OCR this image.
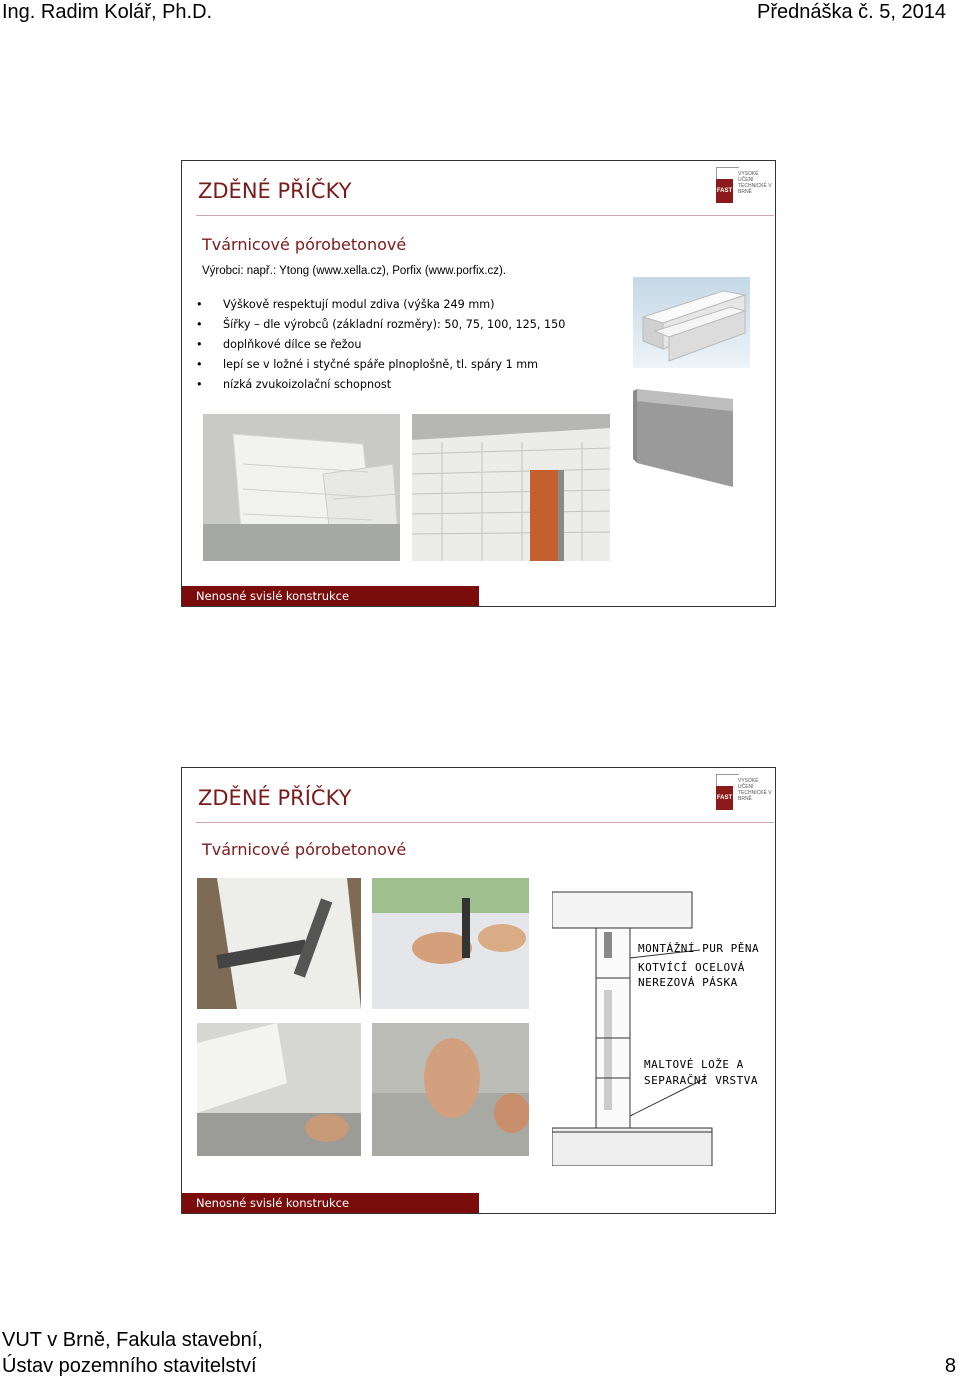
Ing. Radim Kolář, Ph.D.	Přednáška č. 5, 2014
ZDĚNÉ PŘÍČKY	FAST
VYSOKÉ UČENÍ TECHNICKÉ V BRNĚ
Tvárnicové pórobetonové
Výrobci: např.: Ytong (www.xella.cz), Porfix (www.porfix.cz).
• Výškově respektují modul zdiva (výška 249 mm)
• Šířky – dle výrobců (základní rozměry): 50, 75, 100, 125, 150
• doplňkové dílce se řežou
• lepí se v ložné i styčné spáře plnoplošně, tl. spáry 1 mm
• nízká zvukoizolační schopnost
Nenosné svislé konstrukce
ZDĚNÉ PŘÍČKY	FAST
VYSOKÉ UČENÍ TECHNICKÉ V BRNĚ
Tvárnicové pórobetonové
MONTÁŽNÍ PUR PĚNA
KOTVÍCÍ OCELOVÁ
NEREZOVÁ PÁSKA
MALTOVÉ LOŽE A
SEPARAČNÍ VRSTVA
Nenosné svislé konstrukce
VUT v Brně, Fakula stavební,
Ústav pozemního stavitelství	8
